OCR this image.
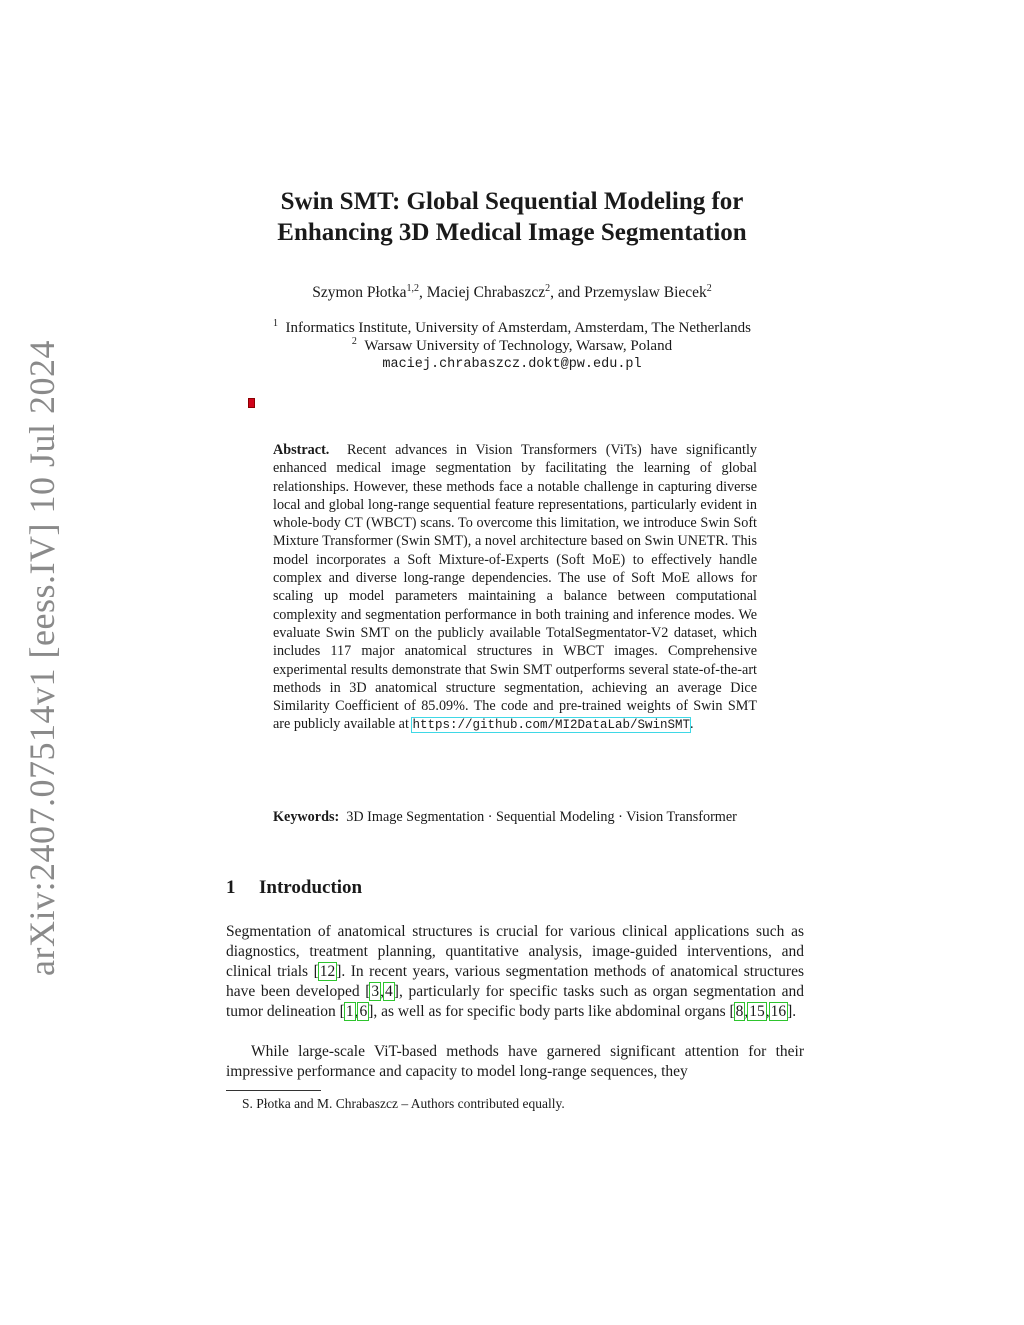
arXiv:2407.07514v1 [eess.IV] 10 Jul 2024
Swin SMT: Global Sequential Modeling for
Enhancing 3D Medical Image Segmentation
Szymon Płotka$^{1,2}$, Maciej Chrabaszcz$^2$, and Przemyslaw Biecek$^2$
$^1$ Informatics Institute, University of Amsterdam, Amsterdam, The Netherlands
$^2$ Warsaw University of Technology, Warsaw, Poland
maciej.chrabaszcz.dokt@pw.edu.pl
Abstract. Recent advances in Vision Transformers (ViTs) have significantly enhanced medical image segmentation by facilitating the learning of global relationships. However, these methods face a notable challenge in capturing diverse local and global long-range sequential feature representations, particularly evident in whole-body CT (WBCT) scans. To overcome this limitation, we introduce Swin Soft Mixture Transformer (Swin SMT), a novel architecture based on Swin UNETR. This model incorporates a Soft Mixture-of-Experts (Soft MoE) to effectively handle complex and diverse long-range dependencies. The use of Soft MoE allows for scaling up model parameters maintaining a balance between computational complexity and segmentation performance in both training and inference modes. We evaluate Swin SMT on the publicly available TotalSegmentator-V2 dataset, which includes 117 major anatomical structures in WBCT images. Comprehensive experimental results demonstrate that Swin SMT outperforms several state-of-the-art methods in 3D anatomical structure segmentation, achieving an average Dice Similarity Coefficient of 85.09%. The code and pre-trained weights of Swin SMT are publicly available at https://github.com/MI2DataLab/SwinSMT.
Keywords: 3D Image Segmentation · Sequential Modeling · Vision Transformer
1 Introduction
Segmentation of anatomical structures is crucial for various clinical applications such as diagnostics, treatment planning, quantitative analysis, image-guided interventions, and clinical trials [12]. In recent years, various segmentation methods of anatomical structures have been developed [3,4], particularly for specific tasks such as organ segmentation and tumor delineation [1,6], as well as for specific body parts like abdominal organs [8,15,16].
While large-scale ViT-based methods have garnered significant attention for their impressive performance and capacity to model long-range sequences, they
S. Płotka and M. Chrabaszcz – Authors contributed equally.
